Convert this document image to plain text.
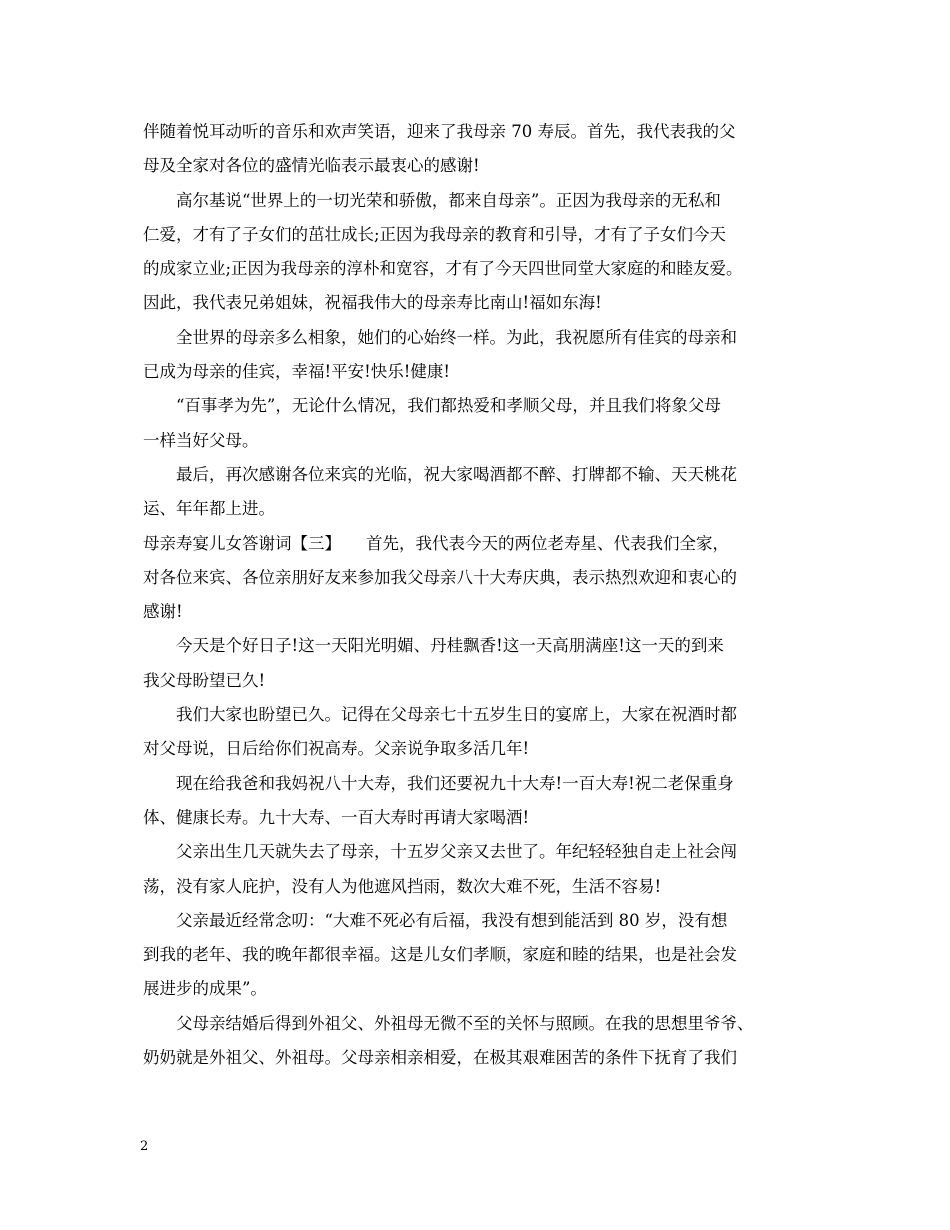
伴随着悦耳动听的音乐和欢声笑语，迎来了我母亲 70 寿辰。首先，我代表我的父
母及全家对各位的盛情光临表示最衷心的感谢!
高尔基说“世界上的一切光荣和骄傲，都来自母亲”。正因为我母亲的无私和
仁爱，才有了子女们的茁壮成长;正因为我母亲的教育和引导，才有了子女们今天
的成家立业;正因为我母亲的淳朴和宽容，才有了今天四世同堂大家庭的和睦友爱。
因此，我代表兄弟姐妹，祝福我伟大的母亲寿比南山!福如东海!
全世界的母亲多么相象，她们的心始终一样。为此，我祝愿所有佳宾的母亲和
已成为母亲的佳宾，幸福!平安!快乐!健康!
“百事孝为先”，无论什么情况，我们都热爱和孝顺父母，并且我们将象父母
一样当好父母。
最后，再次感谢各位来宾的光临，祝大家喝酒都不醉、打牌都不输、天天桃花
运、年年都上进。
母亲寿宴儿女答谢词【三】 首先，我代表今天的两位老寿星、代表我们全家，
对各位来宾、各位亲朋好友来参加我父母亲八十大寿庆典，表示热烈欢迎和衷心的
感谢!
今天是个好日子!这一天阳光明媚、丹桂飘香!这一天高朋满座!这一天的到来
我父母盼望已久!
我们大家也盼望已久。记得在父母亲七十五岁生日的宴席上，大家在祝酒时都
对父母说，日后给你们祝高寿。父亲说争取多活几年!
现在给我爸和我妈祝八十大寿，我们还要祝九十大寿!一百大寿!祝二老保重身
体、健康长寿。九十大寿、一百大寿时再请大家喝酒!
父亲出生几天就失去了母亲，十五岁父亲又去世了。年纪轻轻独自走上社会闯
荡，没有家人庇护，没有人为他遮风挡雨，数次大难不死，生活不容易!
父亲最近经常念叨：“大难不死必有后福，我没有想到能活到 80 岁，没有想
到我的老年、我的晚年都很幸福。这是儿女们孝顺，家庭和睦的结果，也是社会发
展进步的成果”。
父母亲结婚后得到外祖父、外祖母无微不至的关怀与照顾。在我的思想里爷爷、
奶奶就是外祖父、外祖母。父母亲相亲相爱，在极其艰难困苦的条件下抚育了我们
2
